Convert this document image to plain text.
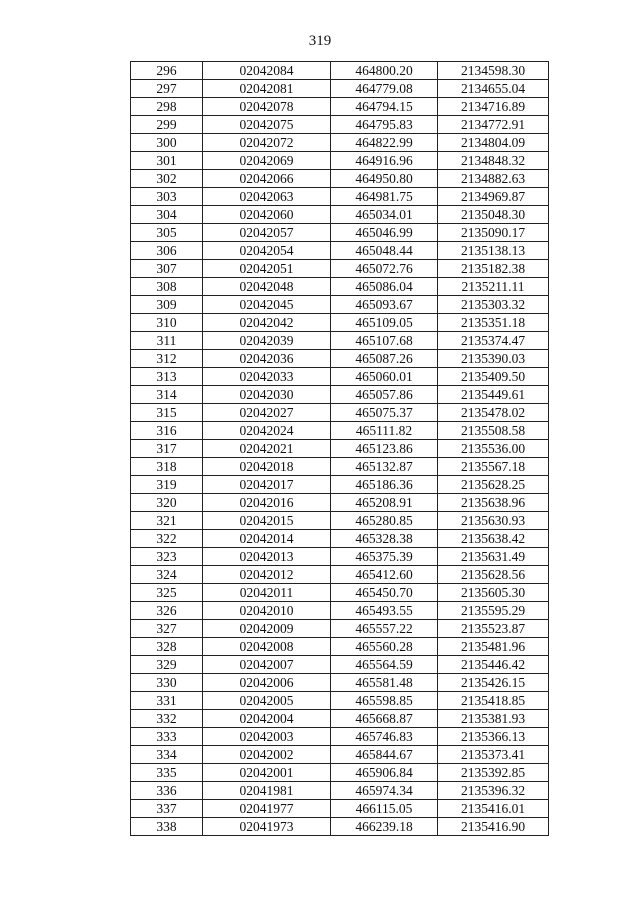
319
296	02042084	464800.20	2134598.30
297	02042081	464779.08	2134655.04
298	02042078	464794.15	2134716.89
299	02042075	464795.83	2134772.91
300	02042072	464822.99	2134804.09
301	02042069	464916.96	2134848.32
302	02042066	464950.80	2134882.63
303	02042063	464981.75	2134969.87
304	02042060	465034.01	2135048.30
305	02042057	465046.99	2135090.17
306	02042054	465048.44	2135138.13
307	02042051	465072.76	2135182.38
308	02042048	465086.04	2135211.11
309	02042045	465093.67	2135303.32
310	02042042	465109.05	2135351.18
311	02042039	465107.68	2135374.47
312	02042036	465087.26	2135390.03
313	02042033	465060.01	2135409.50
314	02042030	465057.86	2135449.61
315	02042027	465075.37	2135478.02
316	02042024	465111.82	2135508.58
317	02042021	465123.86	2135536.00
318	02042018	465132.87	2135567.18
319	02042017	465186.36	2135628.25
320	02042016	465208.91	2135638.96
321	02042015	465280.85	2135630.93
322	02042014	465328.38	2135638.42
323	02042013	465375.39	2135631.49
324	02042012	465412.60	2135628.56
325	02042011	465450.70	2135605.30
326	02042010	465493.55	2135595.29
327	02042009	465557.22	2135523.87
328	02042008	465560.28	2135481.96
329	02042007	465564.59	2135446.42
330	02042006	465581.48	2135426.15
331	02042005	465598.85	2135418.85
332	02042004	465668.87	2135381.93
333	02042003	465746.83	2135366.13
334	02042002	465844.67	2135373.41
335	02042001	465906.84	2135392.85
336	02041981	465974.34	2135396.32
337	02041977	466115.05	2135416.01
338	02041973	466239.18	2135416.90
